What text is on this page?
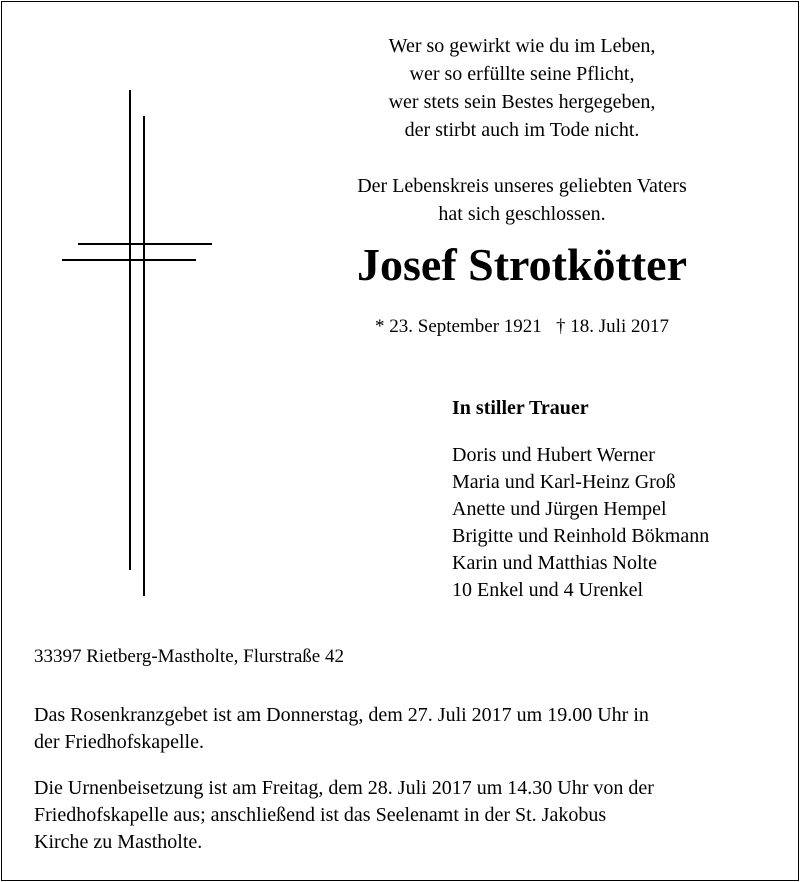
Wer so gewirkt wie du im Leben,
wer so erfüllte seine Pflicht,
wer stets sein Bestes hergegeben,
der stirbt auch im Tode nicht.
Der Lebenskreis unseres geliebten Vaters
hat sich geschlossen.
Josef Strotkötter
* 23. September 1921   † 18. Juli 2017
In stiller Trauer
Doris und Hubert Werner
Maria und Karl-Heinz Groß
Anette und Jürgen Hempel
Brigitte und Reinhold Bökmann
Karin und Matthias Nolte
10 Enkel und 4 Urenkel
33397 Rietberg-Mastholte, Flurstraße 42
Das Rosenkranzgebet ist am Donnerstag, dem 27. Juli 2017 um 19.00 Uhr in
der Friedhofskapelle.
Die Urnenbeisetzung ist am Freitag, dem 28. Juli 2017 um 14.30 Uhr von der
Friedhofskapelle aus; anschließend ist das Seelenamt in der St. Jakobus
Kirche zu Mastholte.
